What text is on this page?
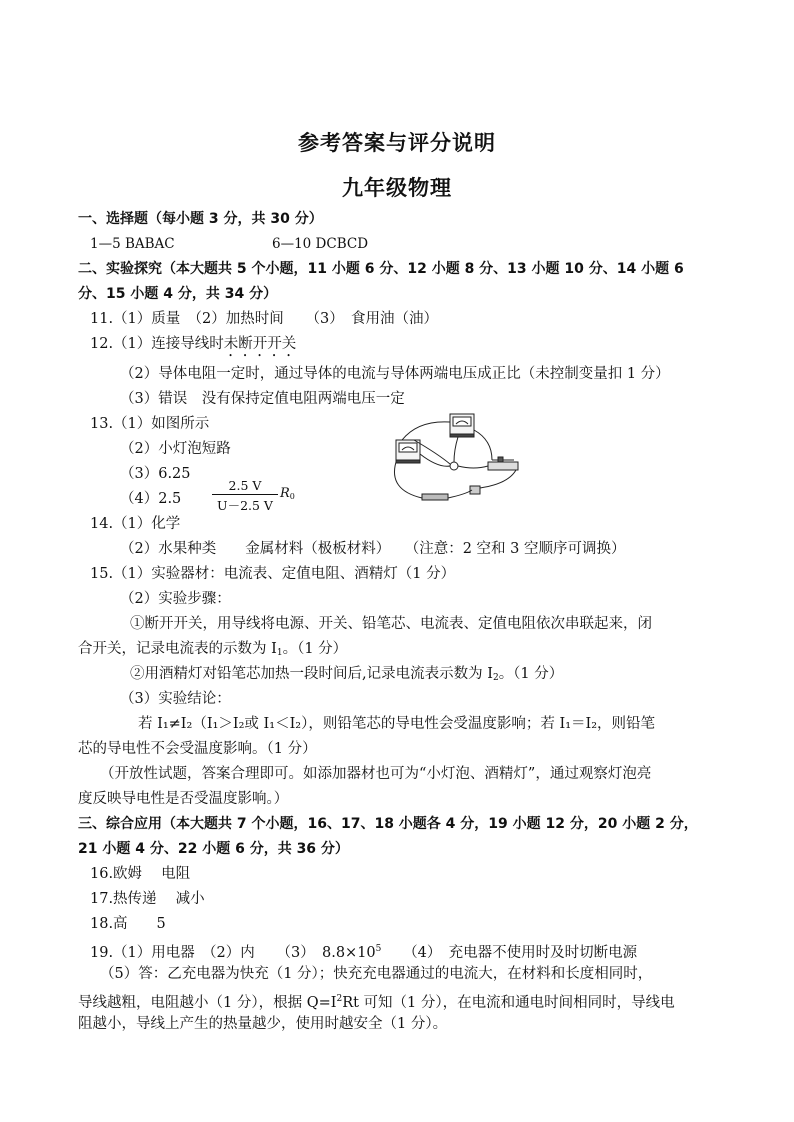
参考答案与评分说明
九年级物理
一、选择题（每小题 3 分，共 30 分）
1—5 BABAC	6—10 DCBCD
二、实验探究（本大题共 5 个小题，11 小题 6 分、12 小题 8 分、13 小题 10 分、14 小题 6
分、15 小题 4 分，共 34 分）
11.（1）质量　（2）加热时间　　（3）　食用油（油）
12.（1）连接导线时未断开开关
（2）导体电阻一定时，通过导体的电流与导体两端电压成正比（未控制变量扣 1 分）
（3）错误　没有保持定值电阻两端电压一定
13.（1）如图所示
（2）小灯泡短路
（3）6.25
$(4)2.5 \frac{2.5 V}{U-2.5 V} R_0$
14.（1）化学
（2）水果种类　　金属材料（极板材料）　　（注意：2 空和 3 空顺序可调换）
15.（1）实验器材：电流表、定值电阻、酒精灯（1 分）
（2）实验步骤：
①断开开关，用导线将电源、开关、铅笔芯、电流表、定值电阻依次串联起来，闭
合开关，记录电流表的示数为 $I_1$。（1 分）
②用酒精灯对铅笔芯加热一段时间后,记录电流表示数为 $I_2$。（1 分）
（3）实验结论：
若 I₁≠I₂（I₁＞I₂或 I₁＜I₂），则铅笔芯的导电性会受温度影响；若 I₁＝I₂，则铅笔
芯的导电性不会受温度影响。（1 分）
（开放性试题，答案合理即可。如添加器材也可为“小灯泡、酒精灯”，通过观察灯泡亮
度反映导电性是否受温度影响。）
三、综合应用（本大题共 7 个小题，16、17、18 小题各 4 分，19 小题 12 分，20 小题 2 分，
21 小题 4 分、22 小题 6 分，共 36 分）
16.欧姆　 电阻
17.热传递　 减小
18.高　　5
19.（1）用电器　（2）内　　（3）　$8.8\times 10^5$　　（4）　充电器不使用时及时切断电源
（5）答：乙充电器为快充（1 分）；快充充电器通过的电流大，在材料和长度相同时，
导线越粗，电阻越小（1 分），根据 $Q=I^2Rt$ 可知（1 分），在电流和通电时间相同时，导线电
阻越小，导线上产生的热量越少，使用时越安全（1 分）。
